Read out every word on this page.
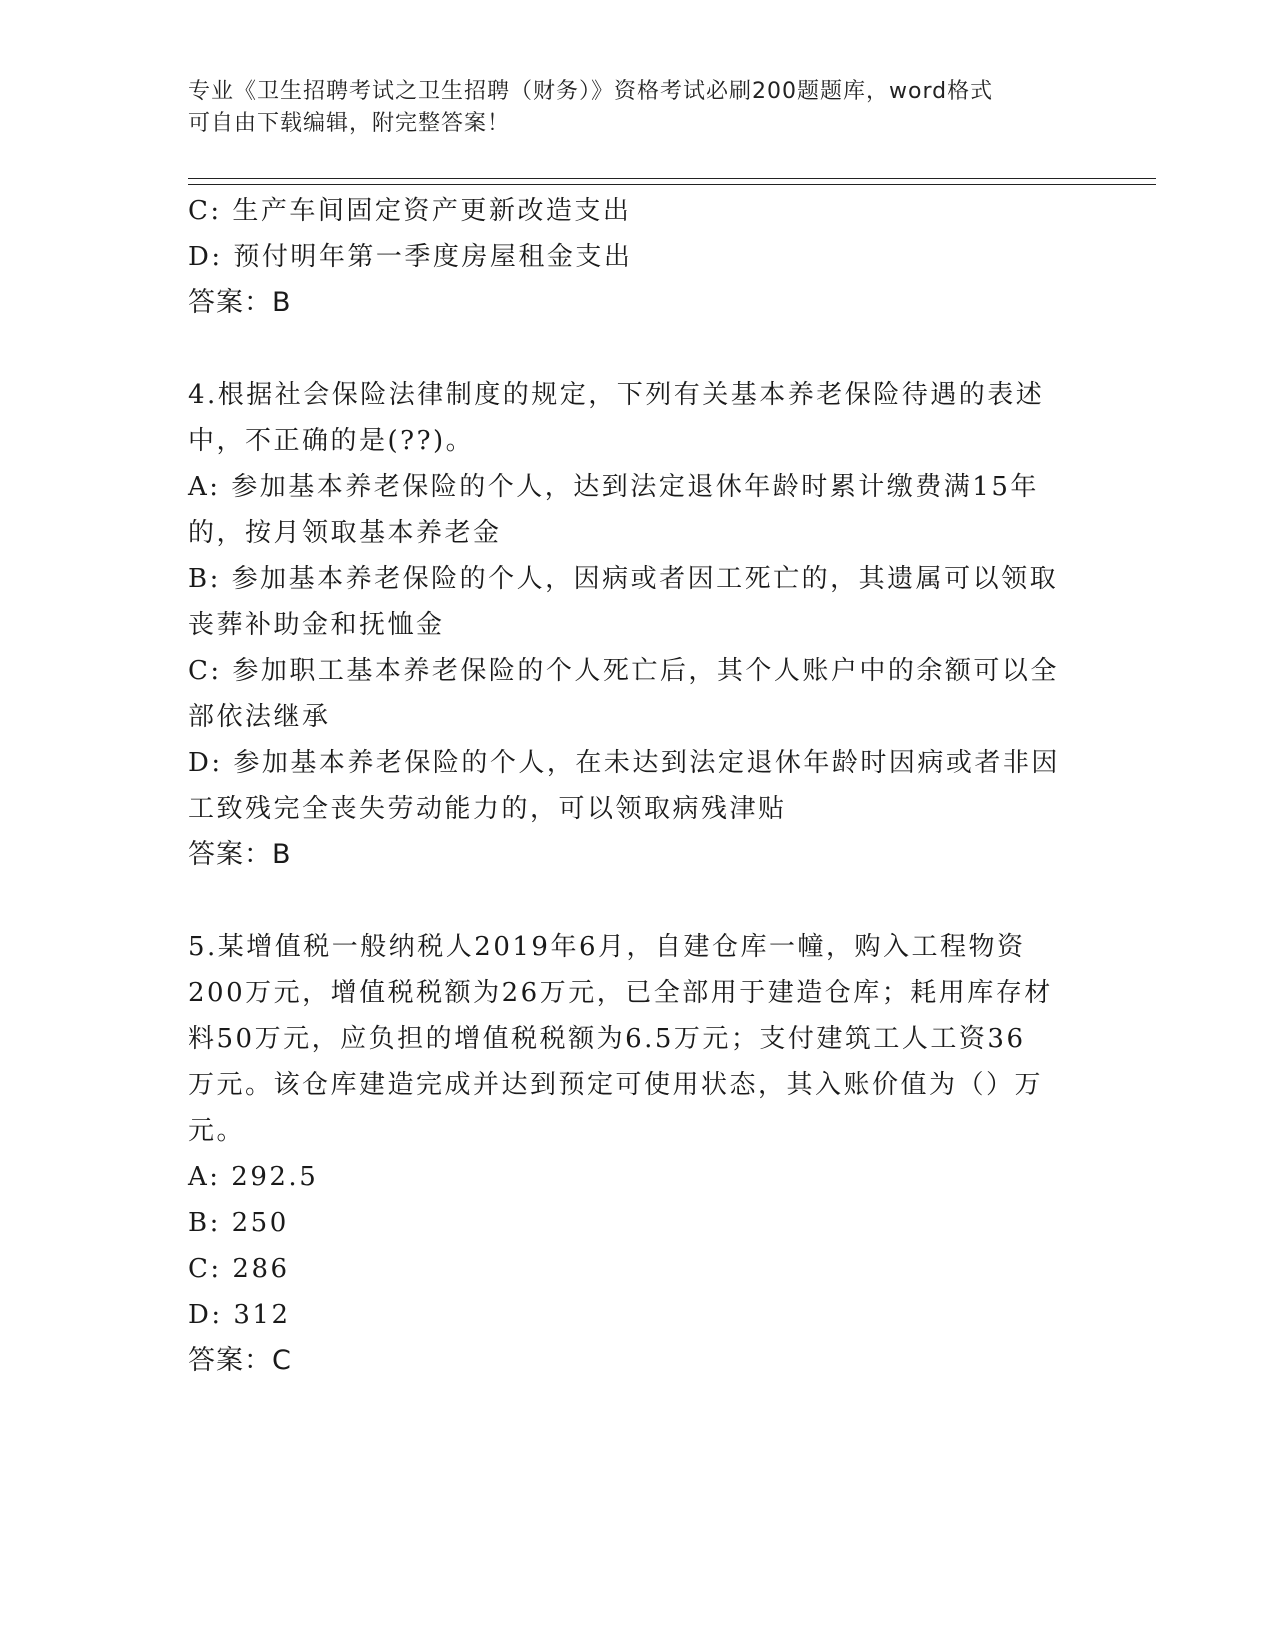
专业《卫生招聘考试之卫生招聘（财务）》资格考试必刷200题题库，word格式
可自由下载编辑，附完整答案！
C: 生产车间固定资产更新改造支出
D: 预付明年第一季度房屋租金支出
答案：B
4.根据社会保险法律制度的规定，下列有关基本养老保险待遇的表述
中，不正确的是(??)。
A: 参加基本养老保险的个人，达到法定退休年龄时累计缴费满15年
的，按月领取基本养老金
B: 参加基本养老保险的个人，因病或者因工死亡的，其遗属可以领取
丧葬补助金和抚恤金
C: 参加职工基本养老保险的个人死亡后，其个人账户中的余额可以全
部依法继承
D: 参加基本养老保险的个人，在未达到法定退休年龄时因病或者非因
工致残完全丧失劳动能力的，可以领取病残津贴
答案：B
5.某增值税一般纳税人2019年6月，自建仓库一幢，购入工程物资
200万元，增值税税额为26万元，已全部用于建造仓库；耗用库存材
料50万元，应负担的增值税税额为6.5万元；支付建筑工人工资36
万元。该仓库建造完成并达到预定可使用状态，其入账价值为（）万
元。
A: 292.5
B: 250
C: 286
D: 312
答案：C
